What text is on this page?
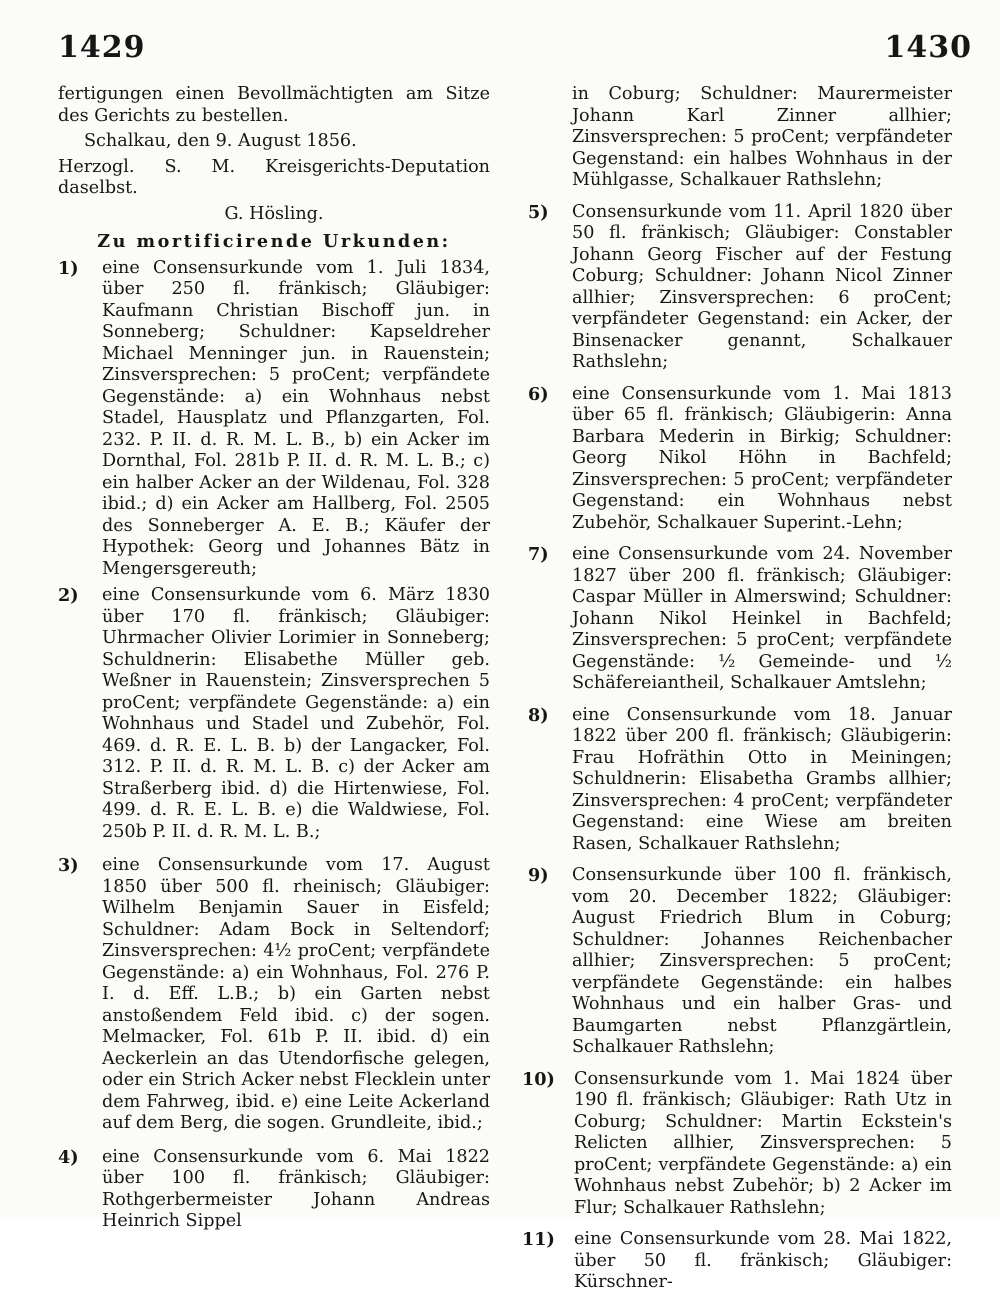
1429	1430

fertigungen einen Bevollmächtigten am Sitze des Gerichts zu bestellen.

Schalkau, den 9. August 1856.

Herzogl. S. M. Kreisgerichts-Deputation daselbst.

G. Hösling.

Zu mortificirende Urkunden:

1) eine Consensurkunde vom 1. Juli 1834, über 250 fl. fränkisch; Gläubiger: Kaufmann Christian Bischoff jun. in Sonneberg; Schuldner: Kapseldreher Michael Menninger jun. in Rauenstein; Zinsversprechen: 5 proCent; verpfändete Gegenstände: a) ein Wohnhaus nebst Stadel, Hausplatz und Pflanzgarten, Fol. 232. P. II. d. R. M. L. B., b) ein Acker im Dornthal, Fol. 281b P. II. d. R. M. L. B.; c) ein halber Acker an der Wildenau, Fol. 328 ibid.; d) ein Acker am Hallberg, Fol. 2505 des Sonneberger A. E. B.; Käufer der Hypothek: Georg und Johannes Bätz in Mengersgereuth;
2) eine Consensurkunde vom 6. März 1830 über 170 fl. fränkisch; Gläubiger: Uhrmacher Olivier Lorimier in Sonneberg; Schuldnerin: Elisabethe Müller geb. Weßner in Rauenstein; Zinsversprechen 5 proCent; verpfändete Gegenstände: a) ein Wohnhaus und Stadel und Zubehör, Fol. 469. d. R. E. L. B. b) der Langacker, Fol. 312. P. II. d. R. M. L. B. c) der Acker am Straßerberg ibid. d) die Hirtenwiese, Fol. 499. d. R. E. L. B. e) die Waldwiese, Fol. 250b P. II. d. R. M. L. B.;
3) eine Consensurkunde vom 17. August 1850 über 500 fl. rheinisch; Gläubiger: Wilhelm Benjamin Sauer in Eisfeld; Schuldner: Adam Bock in Seltendorf; Zinsversprechen: 4½ proCent; verpfändete Gegenstände: a) ein Wohnhaus, Fol. 276 P. I. d. Eff. L.B.; b) ein Garten nebst anstoßendem Feld ibid. c) der sogen. Melmacker, Fol. 61b P. II. ibid. d) ein Aeckerlein an das Utendorfische gelegen, oder ein Strich Acker nebst Flecklein unter dem Fahrweg, ibid. e) eine Leite Ackerland auf dem Berg, die sogen. Grundleite, ibid.;
4) eine Consensurkunde vom 6. Mai 1822 über 100 fl. fränkisch; Gläubiger: Rothgerbermeister Johann Andreas Heinrich Sippel

in Coburg; Schuldner: Maurermeister Johann Karl Zinner allhier; Zinsversprechen: 5 proCent; verpfändeter Gegenstand: ein halbes Wohnhaus in der Mühlgasse, Schalkauer Rathslehn;

5) Consensurkunde vom 11. April 1820 über 50 fl. fränkisch; Gläubiger: Constabler Johann Georg Fischer auf der Festung Coburg; Schuldner: Johann Nicol Zinner allhier; Zinsversprechen: 6 proCent; verpfändeter Gegenstand: ein Acker, der Binsenacker genannt, Schalkauer Rathslehn;
6) eine Consensurkunde vom 1. Mai 1813 über 65 fl. fränkisch; Gläubigerin: Anna Barbara Mederin in Birkig; Schuldner: Georg Nikol Höhn in Bachfeld; Zinsversprechen: 5 proCent; verpfändeter Gegenstand: ein Wohnhaus nebst Zubehör, Schalkauer Superint.-Lehn;
7) eine Consensurkunde vom 24. November 1827 über 200 fl. fränkisch; Gläubiger: Caspar Müller in Almerswind; Schuldner: Johann Nikol Heinkel in Bachfeld; Zinsversprechen: 5 proCent; verpfändete Gegenstände: ½ Gemeinde- und ½ Schäfereiantheil, Schalkauer Amtslehn;
8) eine Consensurkunde vom 18. Januar 1822 über 200 fl. fränkisch; Gläubigerin: Frau Hofräthin Otto in Meiningen; Schuldnerin: Elisabetha Grambs allhier; Zinsversprechen: 4 proCent; verpfändeter Gegenstand: eine Wiese am breiten Rasen, Schalkauer Rathslehn;
9) Consensurkunde über 100 fl. fränkisch, vom 20. December 1822; Gläubiger: August Friedrich Blum in Coburg; Schuldner: Johannes Reichenbacher allhier; Zinsversprechen: 5 proCent; verpfändete Gegenstände: ein halbes Wohnhaus und ein halber Gras- und Baumgarten nebst Pflanzgärtlein, Schalkauer Rathslehn;
10) Consensurkunde vom 1. Mai 1824 über 190 fl. fränkisch; Gläubiger: Rath Utz in Coburg; Schuldner: Martin Eckstein's Relicten allhier, Zinsversprechen: 5 proCent; verpfändete Gegenstände: a) ein Wohnhaus nebst Zubehör; b) 2 Acker im Flur; Schalkauer Rathslehn;
11) eine Consensurkunde vom 28. Mai 1822, über 50 fl. fränkisch; Gläubiger: Kürschner-
